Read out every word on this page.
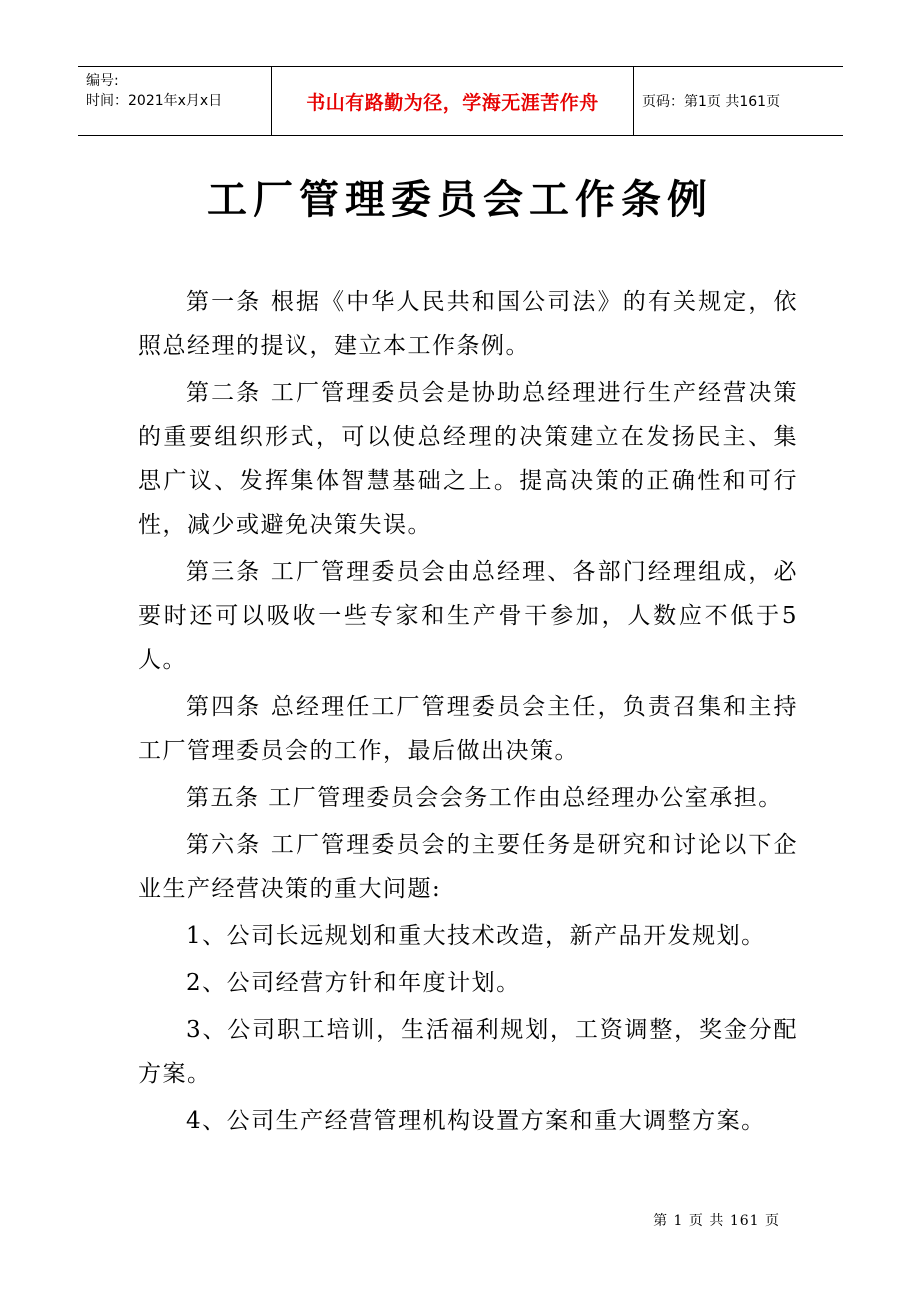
编号:
时间：2021年x月x日	书山有路勤为径，学海无涯苦作舟	页码：第1页 共161页
工厂管理委员会工作条例

第一条 根据《中华人民共和国公司法》的有关规定，依照总经理的提议，建立本工作条例。

第二条 工厂管理委员会是协助总经理进行生产经营决策的重要组织形式，可以使总经理的决策建立在发扬民主、集思广议、发挥集体智慧基础之上。提高决策的正确性和可行性，减少或避免决策失误。

第三条 工厂管理委员会由总经理、各部门经理组成，必要时还可以吸收一些专家和生产骨干参加，人数应不低于5人。

第四条 总经理任工厂管理委员会主任，负责召集和主持工厂管理委员会的工作，最后做出决策。

第五条 工厂管理委员会会务工作由总经理办公室承担。

第六条 工厂管理委员会的主要任务是研究和讨论以下企业生产经营决策的重大问题:

1、公司长远规划和重大技术改造，新产品开发规划。

2、公司经营方针和年度计划。

3、公司职工培训，生活福利规划，工资调整，奖金分配方案。

4、公司生产经营管理机构设置方案和重大调整方案。

第 1 页 共 161 页
